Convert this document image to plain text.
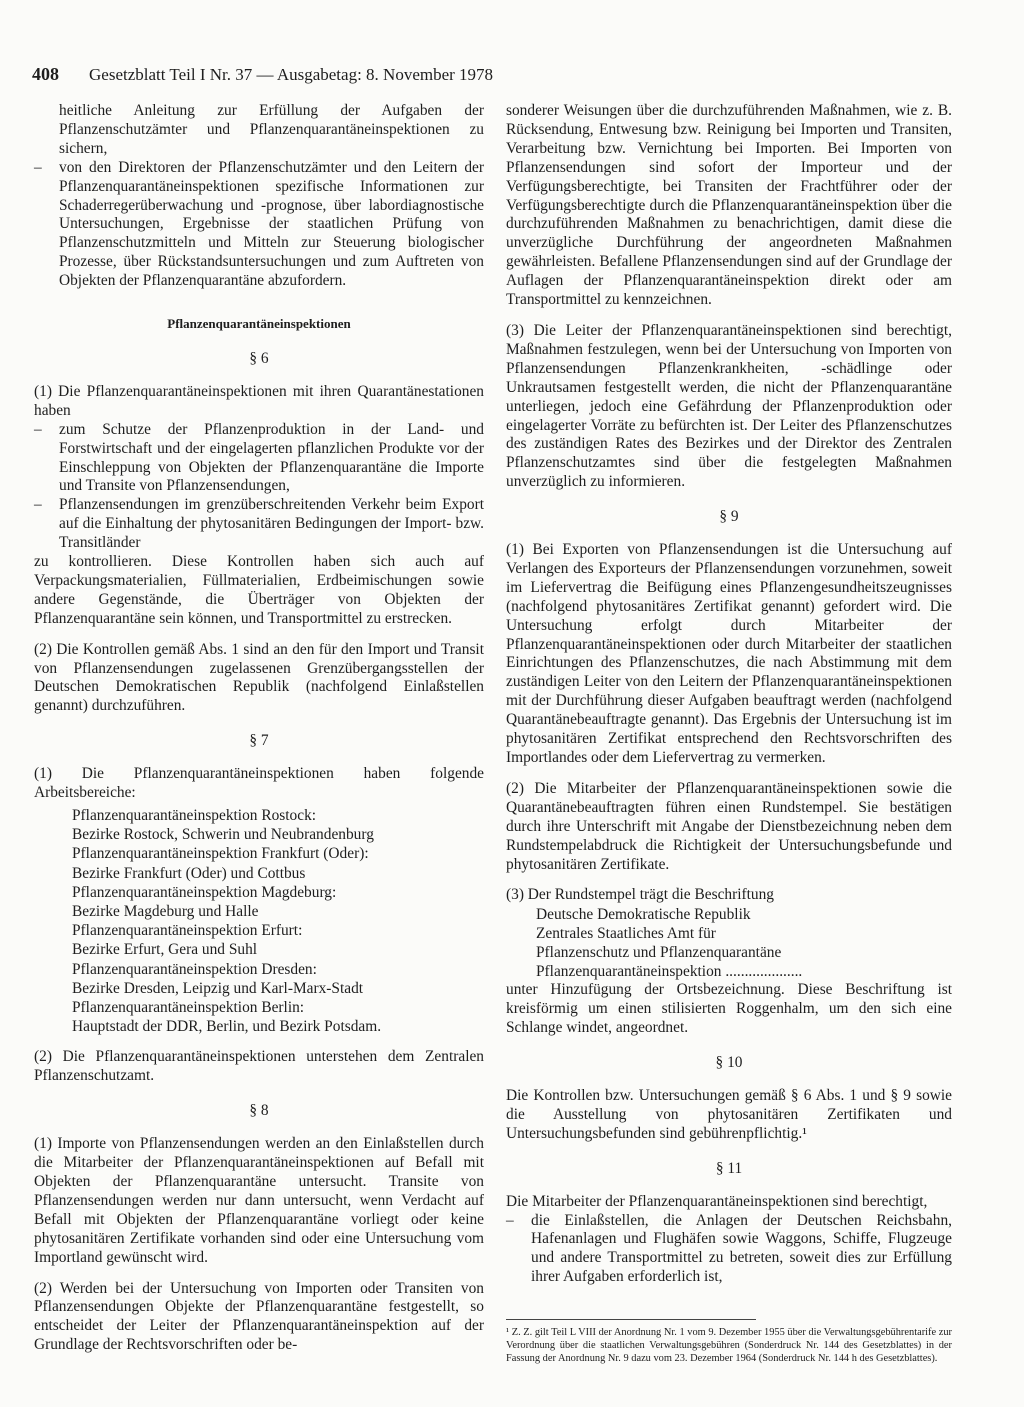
408 Gesetzblatt Teil I Nr. 37 — Ausgabetag: 8. November 1978

heitliche Anleitung zur Erfüllung der Aufgaben der Pflanzenschutzämter und Pflanzenquarantäneinspektionen zu sichern,

–	von den Direktoren der Pflanzenschutzämter und den Leitern der Pflanzenquarantäneinspektionen spezifische Informationen zur Schaderregerüberwachung und -prognose, über labordiagnostische Untersuchungen, Ergebnisse der staatlichen Prüfung von Pflanzenschutzmitteln und Mitteln zur Steuerung biologischer Prozesse, über Rückstandsuntersuchungen und zum Auftreten von Objekten der Pflanzenquarantäne abzufordern.
Pflanzenquarantäneinspektionen
§ 6

(1) Die Pflanzenquarantäneinspektionen mit ihren Quarantänestationen haben

–	zum Schutze der Pflanzenproduktion in der Land- und Forstwirtschaft und der eingelagerten pflanzlichen Produkte vor der Einschleppung von Objekten der Pflanzenquarantäne die Importe und Transite von Pflanzensendungen,
–	Pflanzensendungen im grenzüberschreitenden Verkehr beim Export auf die Einhaltung der phytosanitären Bedingungen der Import- bzw. Transitländer

zu kontrollieren. Diese Kontrollen haben sich auch auf Verpackungsmaterialien, Füllmaterialien, Erdbeimischungen sowie andere Gegenstände, die Überträger von Objekten der Pflanzenquarantäne sein können, und Transportmittel zu erstrecken.

(2) Die Kontrollen gemäß Abs. 1 sind an den für den Import und Transit von Pflanzensendungen zugelassenen Grenzübergangsstellen der Deutschen Demokratischen Republik (nachfolgend Einlaßstellen genannt) durchzuführen.

§ 7

(1) Die Pflanzenquarantäneinspektionen haben folgende Arbeitsbereiche:

Pflanzenquarantäneinspektion Rostock:
Bezirke Rostock, Schwerin und Neubrandenburg
Pflanzenquarantäneinspektion Frankfurt (Oder):
Bezirke Frankfurt (Oder) und Cottbus
Pflanzenquarantäneinspektion Magdeburg:
Bezirke Magdeburg und Halle
Pflanzenquarantäneinspektion Erfurt:
Bezirke Erfurt, Gera und Suhl
Pflanzenquarantäneinspektion Dresden:
Bezirke Dresden, Leipzig und Karl-Marx-Stadt
Pflanzenquarantäneinspektion Berlin:
Hauptstadt der DDR, Berlin, und Bezirk Potsdam.

(2) Die Pflanzenquarantäneinspektionen unterstehen dem Zentralen Pflanzenschutzamt.

§ 8

(1) Importe von Pflanzensendungen werden an den Einlaßstellen durch die Mitarbeiter der Pflanzenquarantäneinspektionen auf Befall mit Objekten der Pflanzenquarantäne untersucht. Transite von Pflanzensendungen werden nur dann untersucht, wenn Verdacht auf Befall mit Objekten der Pflanzenquarantäne vorliegt oder keine phytosanitären Zertifikate vorhanden sind oder eine Untersuchung vom Importland gewünscht wird.

(2) Werden bei der Untersuchung von Importen oder Transiten von Pflanzensendungen Objekte der Pflanzenquarantäne festgestellt, so entscheidet der Leiter der Pflanzenquarantäneinspektion auf der Grundlage der Rechtsvorschriften oder be-

sonderer Weisungen über die durchzuführenden Maßnahmen, wie z. B. Rücksendung, Entwesung bzw. Reinigung bei Importen und Transiten, Verarbeitung bzw. Vernichtung bei Importen. Bei Importen von Pflanzensendungen sind sofort der Importeur und der Verfügungsberechtigte, bei Transiten der Frachtführer oder der Verfügungsberechtigte durch die Pflanzenquarantäneinspektion über die durchzuführenden Maßnahmen zu benachrichtigen, damit diese die unverzügliche Durchführung der angeordneten Maßnahmen gewährleisten. Befallene Pflanzensendungen sind auf der Grundlage der Auflagen der Pflanzenquarantäneinspektion direkt oder am Transportmittel zu kennzeichnen.

(3) Die Leiter der Pflanzenquarantäneinspektionen sind berechtigt, Maßnahmen festzulegen, wenn bei der Untersuchung von Importen von Pflanzensendungen Pflanzenkrankheiten, -schädlinge oder Unkrautsamen festgestellt werden, die nicht der Pflanzenquarantäne unterliegen, jedoch eine Gefährdung der Pflanzenproduktion oder eingelagerter Vorräte zu befürchten ist. Der Leiter des Pflanzenschutzes des zuständigen Rates des Bezirkes und der Direktor des Zentralen Pflanzenschutzamtes sind über die festgelegten Maßnahmen unverzüglich zu informieren.

§ 9

(1) Bei Exporten von Pflanzensendungen ist die Untersuchung auf Verlangen des Exporteurs der Pflanzensendungen vorzunehmen, soweit im Liefervertrag die Beifügung eines Pflanzengesundheitszeugnisses (nachfolgend phytosanitäres Zertifikat genannt) gefordert wird. Die Untersuchung erfolgt durch Mitarbeiter der Pflanzenquarantäneinspektionen oder durch Mitarbeiter der staatlichen Einrichtungen des Pflanzenschutzes, die nach Abstimmung mit dem zuständigen Leiter von den Leitern der Pflanzenquarantäneinspektionen mit der Durchführung dieser Aufgaben beauftragt werden (nachfolgend Quarantänebeauftragte genannt). Das Ergebnis der Untersuchung ist im phytosanitären Zertifikat entsprechend den Rechtsvorschriften des Importlandes oder dem Liefervertrag zu vermerken.

(2) Die Mitarbeiter der Pflanzenquarantäneinspektionen sowie die Quarantänebeauftragten führen einen Rundstempel. Sie bestätigen durch ihre Unterschrift mit Angabe der Dienstbezeichnung neben dem Rundstempelabdruck die Richtigkeit der Untersuchungsbefunde und phytosanitären Zertifikate.

(3) Der Rundstempel trägt die Beschriftung

Deutsche Demokratische Republik
Zentrales Staatliches Amt für
Pflanzenschutz und Pflanzenquarantäne
Pflanzenquarantäneinspektion ....................

unter Hinzufügung der Ortsbezeichnung. Diese Beschriftung ist kreisförmig um einen stilisierten Roggenhalm, um den sich eine Schlange windet, angeordnet.

§ 10

Die Kontrollen bzw. Untersuchungen gemäß § 6 Abs. 1 und § 9 sowie die Ausstellung von phytosanitären Zertifikaten und Untersuchungsbefunden sind gebührenpflichtig.¹

§ 11

Die Mitarbeiter der Pflanzenquarantäneinspektionen sind berechtigt,

–	die Einlaßstellen, die Anlagen der Deutschen Reichsbahn, Hafenanlagen und Flughäfen sowie Waggons, Schiffe, Flugzeuge und andere Transportmittel zu betreten, soweit dies zur Erfüllung ihrer Aufgaben erforderlich ist,
¹ Z. Z. gilt Teil L VIII der Anordnung Nr. 1 vom 9. Dezember 1955 über die Verwaltungsgebührentarife zur Verordnung über die staatlichen Verwaltungsgebühren (Sonderdruck Nr. 144 des Gesetzblattes) in der Fassung der Anordnung Nr. 9 dazu vom 23. Dezember 1964 (Sonderdruck Nr. 144 h des Gesetzblattes).
